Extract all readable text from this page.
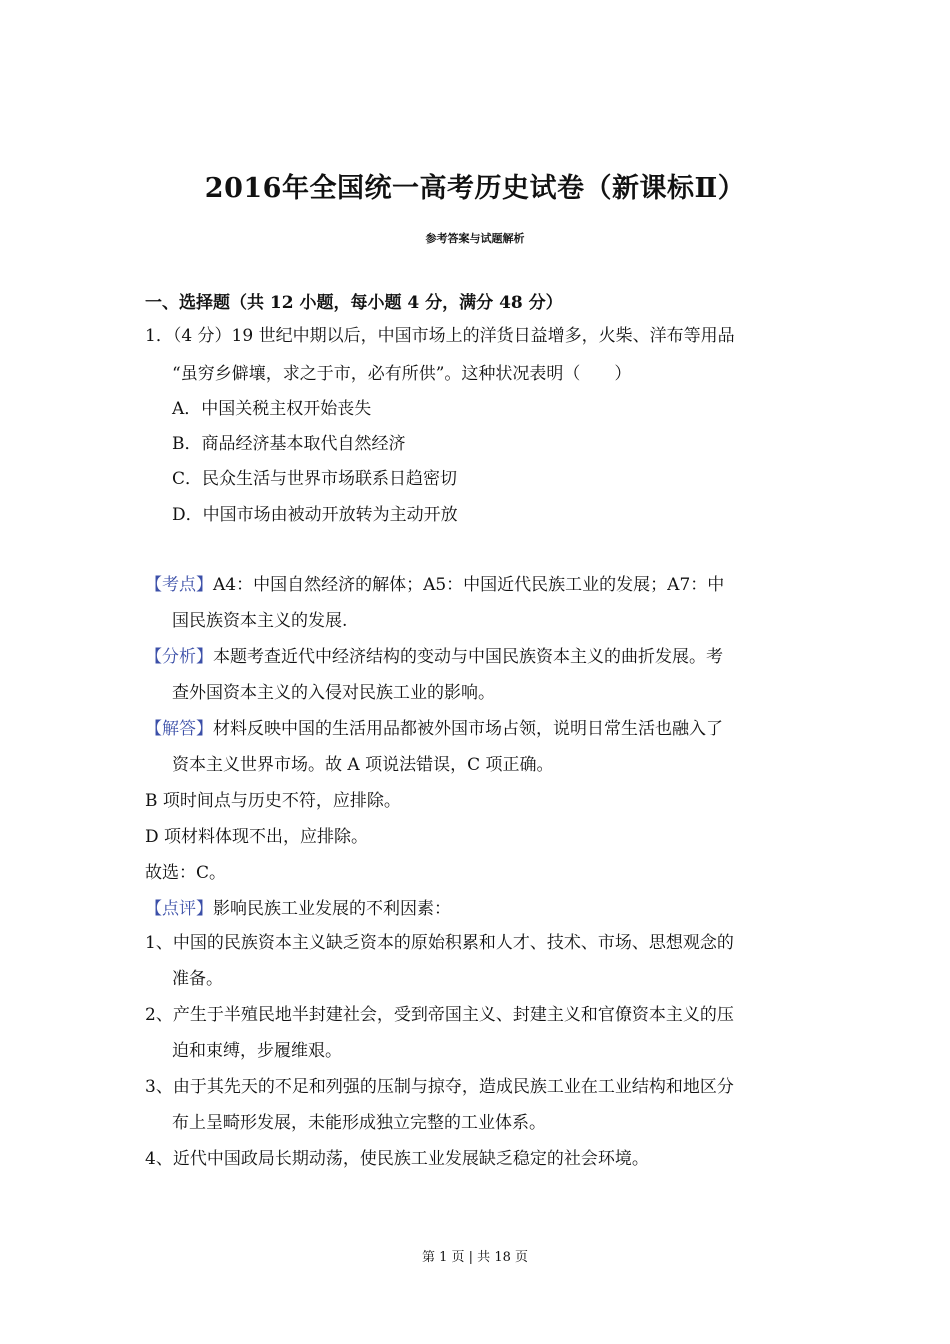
2016年全国统一高考历史试卷（新课标Ⅱ）
参考答案与试题解析
一、选择题（共 12 小题，每小题 4 分，满分 48 分）
1．（4 分）19 世纪中期以后，中国市场上的洋货日益增多，火柴、洋布等用品
“虽穷乡僻壤，求之于市，必有所供”。这种状况表明（　　）
A．中国关税主权开始丧失
B．商品经济基本取代自然经济
C．民众生活与世界市场联系日趋密切
D．中国市场由被动开放转为主动开放
【考点】A4：中国自然经济的解体；A5：中国近代民族工业的发展；A7：中
国民族资本主义的发展.
【分析】本题考查近代中经济结构的变动与中国民族资本主义的曲折发展。考
查外国资本主义的入侵对民族工业的影响。
【解答】材料反映中国的生活用品都被外国市场占领，说明日常生活也融入了
资本主义世界市场。故 A 项说法错误，C 项正确。
B 项时间点与历史不符，应排除。
D 项材料体现不出，应排除。
故选：C。
【点评】影响民族工业发展的不利因素：
1、中国的民族资本主义缺乏资本的原始积累和人才、技术、市场、思想观念的
准备。
2、产生于半殖民地半封建社会，受到帝国主义、封建主义和官僚资本主义的压
迫和束缚，步履维艰。
3、由于其先天的不足和列强的压制与掠夺，造成民族工业在工业结构和地区分
布上呈畸形发展，未能形成独立完整的工业体系。
4、近代中国政局长期动荡，使民族工业发展缺乏稳定的社会环境。
第 1 页 | 共 18 页
